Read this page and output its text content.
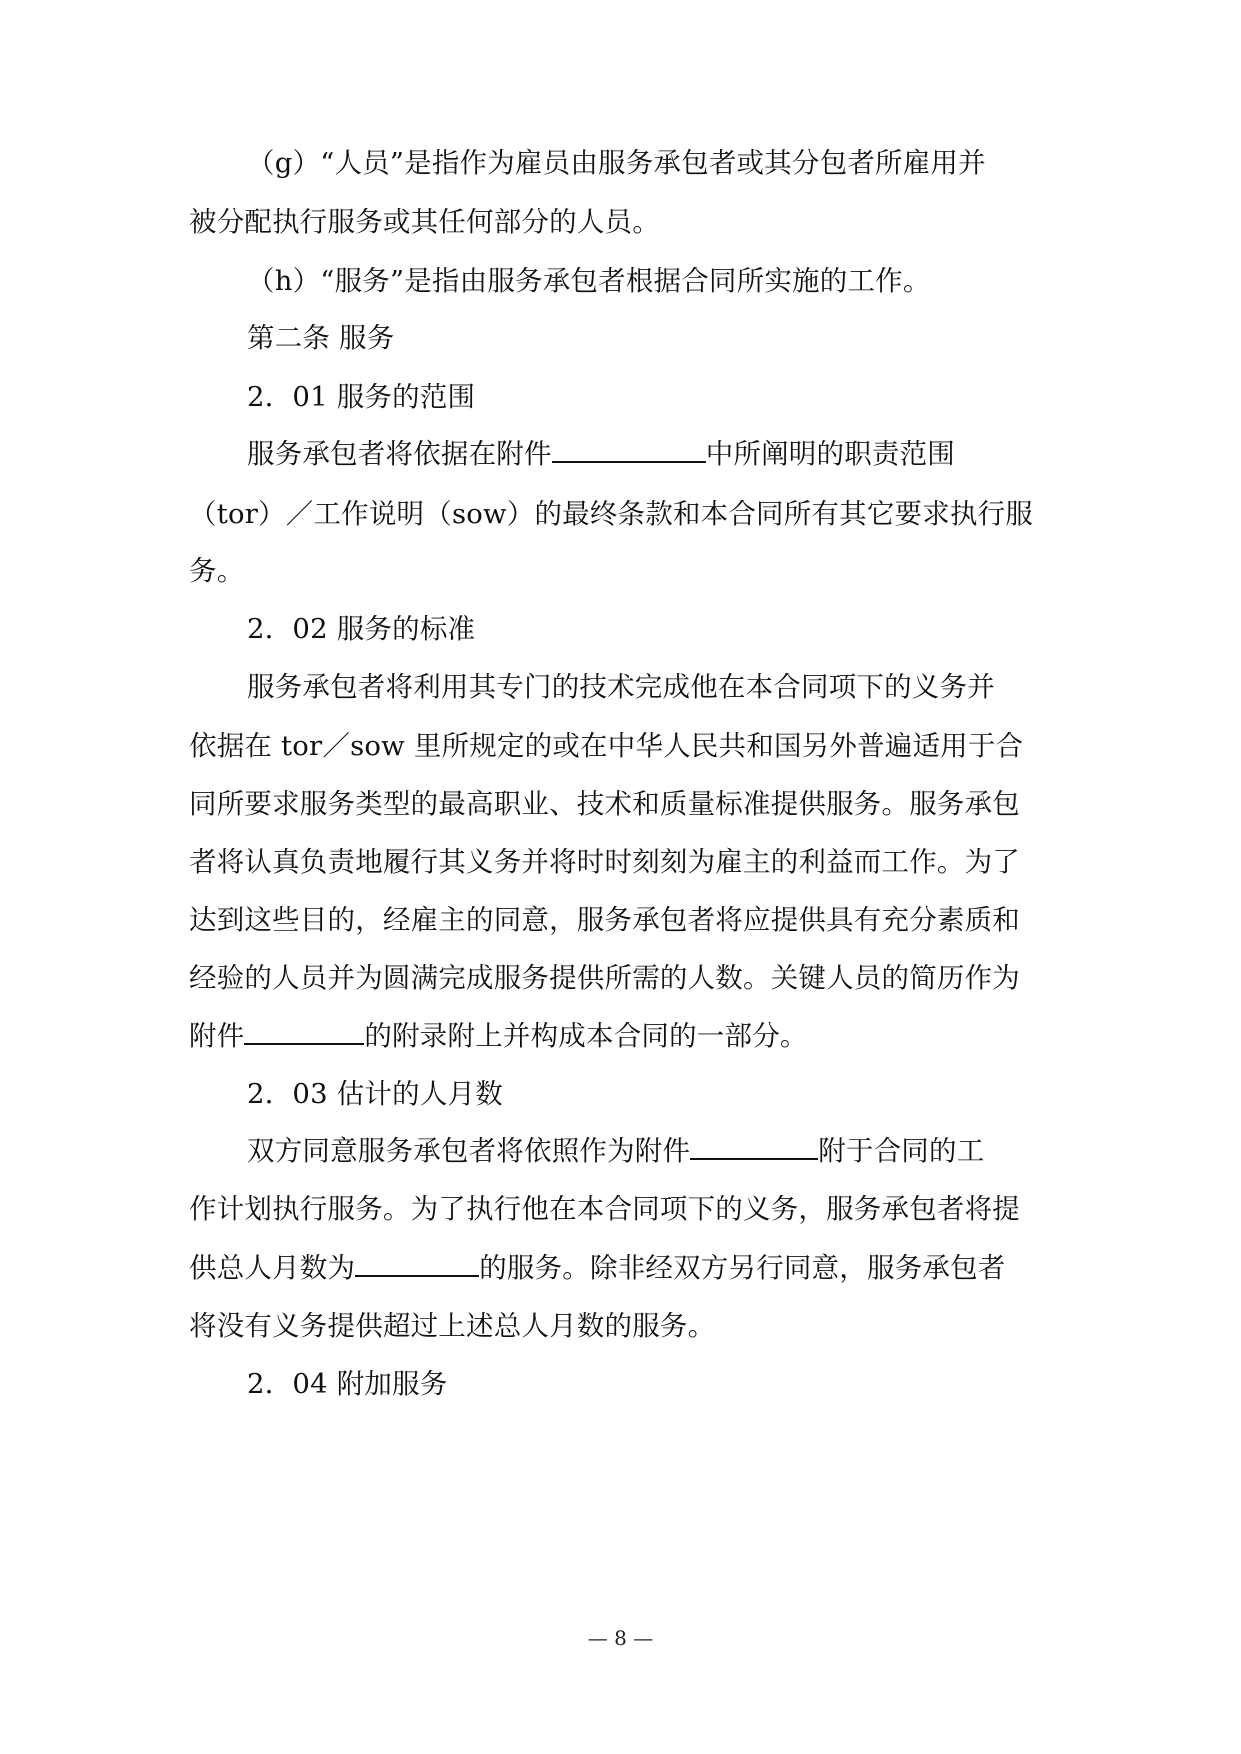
（g）“人员”是指作为雇员由服务承包者或其分包者所雇用并
被分配执行服务或其任何部分的人员。
（h）“服务”是指由服务承包者根据合同所实施的工作。
第二条 服务
2．01 服务的范围
服务承包者将依据在附件	中所阐明的职责范围
（tor）／工作说明（sow）的最终条款和本合同所有其它要求执行服
务。
2．02 服务的标准
服务承包者将利用其专门的技术完成他在本合同项下的义务并
依据在 tor／sow 里所规定的或在中华人民共和国另外普遍适用于合
同所要求服务类型的最高职业、技术和质量标准提供服务。服务承包
者将认真负责地履行其义务并将时时刻刻为雇主的利益而工作。为了
达到这些目的，经雇主的同意，服务承包者将应提供具有充分素质和
经验的人员并为圆满完成服务提供所需的人数。关键人员的简历作为
附件	的附录附上并构成本合同的一部分。
2．03 估计的人月数
双方同意服务承包者将依照作为附件	附于合同的工
作计划执行服务。为了执行他在本合同项下的义务，服务承包者将提
供总人月数为	的服务。除非经双方另行同意，服务承包者
将没有义务提供超过上述总人月数的服务。
2．04 附加服务
— 8 —
